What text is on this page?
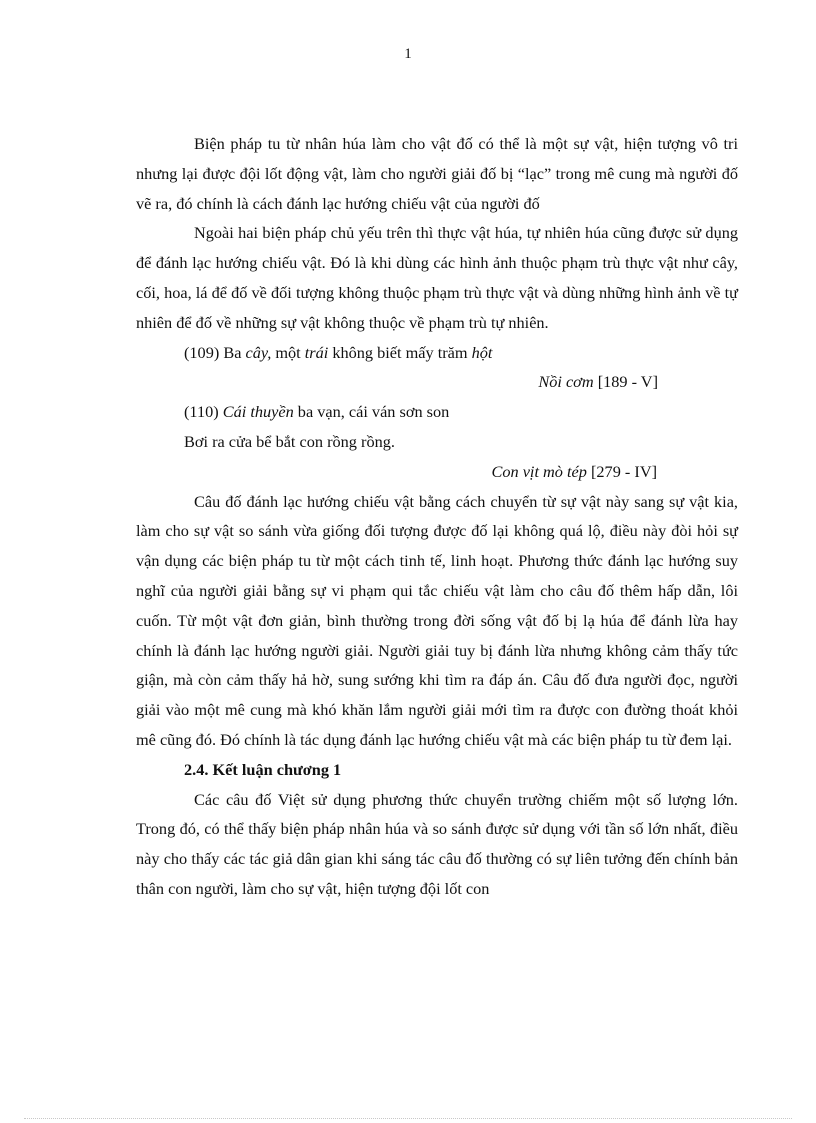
1

Biện pháp tu từ nhân húa làm cho vật đố có thể là một sự vật, hiện tượng vô tri nhưng lại được đội lốt động vật, làm cho người giải đố bị “lạc” trong mê cung mà người đố vẽ ra, đó chính là cách đánh lạc hướng chiếu vật của người đố

Ngoài hai biện pháp chủ yếu trên thì thực vật húa, tự nhiên húa cũng được sử dụng để đánh lạc hướng chiếu vật. Đó là khi dùng các hình ảnh thuộc phạm trù thực vật như cây, cối, hoa, lá để đố về đối tượng không thuộc phạm trù thực vật và dùng những hình ảnh về tự nhiên để đố về những sự vật không thuộc về phạm trù tự nhiên.

(109) Ba cây, một trái không biết mấy trăm hột

Nồi cơm [189 - V]

(110) Cái thuyền ba vạn, cái ván sơn son

Bơi ra cửa bể bắt con rồng rồng.

Con vịt mò tép [279 - IV]

Câu đố đánh lạc hướng chiếu vật bằng cách chuyển từ sự vật này sang sự vật kia, làm cho sự vật so sánh vừa giống đối tượng được đố lại không quá lộ, điều này đòi hỏi sự vận dụng các biện pháp tu từ một cách tinh tế, linh hoạt. Phương thức đánh lạc hướng suy nghĩ của người giải bằng sự vi phạm qui tắc chiếu vật làm cho câu đố thêm hấp dẫn, lôi cuốn. Từ một vật đơn giản, bình thường trong đời sống vật đố bị lạ húa để đánh lừa hay chính là đánh lạc hướng người giải. Người giải tuy bị đánh lừa nhưng không cảm thấy tức giận, mà còn cảm thấy hả hờ, sung sướng khi tìm ra đáp án. Câu đố đưa người đọc, người giải vào một mê cung mà khó khăn lắm người giải mới tìm ra được con đường thoát khỏi mê cũng đó. Đó chính là tác dụng đánh lạc hướng chiếu vật mà các biện pháp tu từ đem lại.

2.4. Kết luận chương 1

Các câu đố Việt sử dụng phương thức chuyển trường chiếm một số lượng lớn. Trong đó, có thể thấy biện pháp nhân húa và so sánh được sử dụng với tần số lớn nhất, điều này cho thấy các tác giả dân gian khi sáng tác câu đố thường có sự liên tưởng đến chính bản thân con người, làm cho sự vật, hiện tượng đội lốt con
